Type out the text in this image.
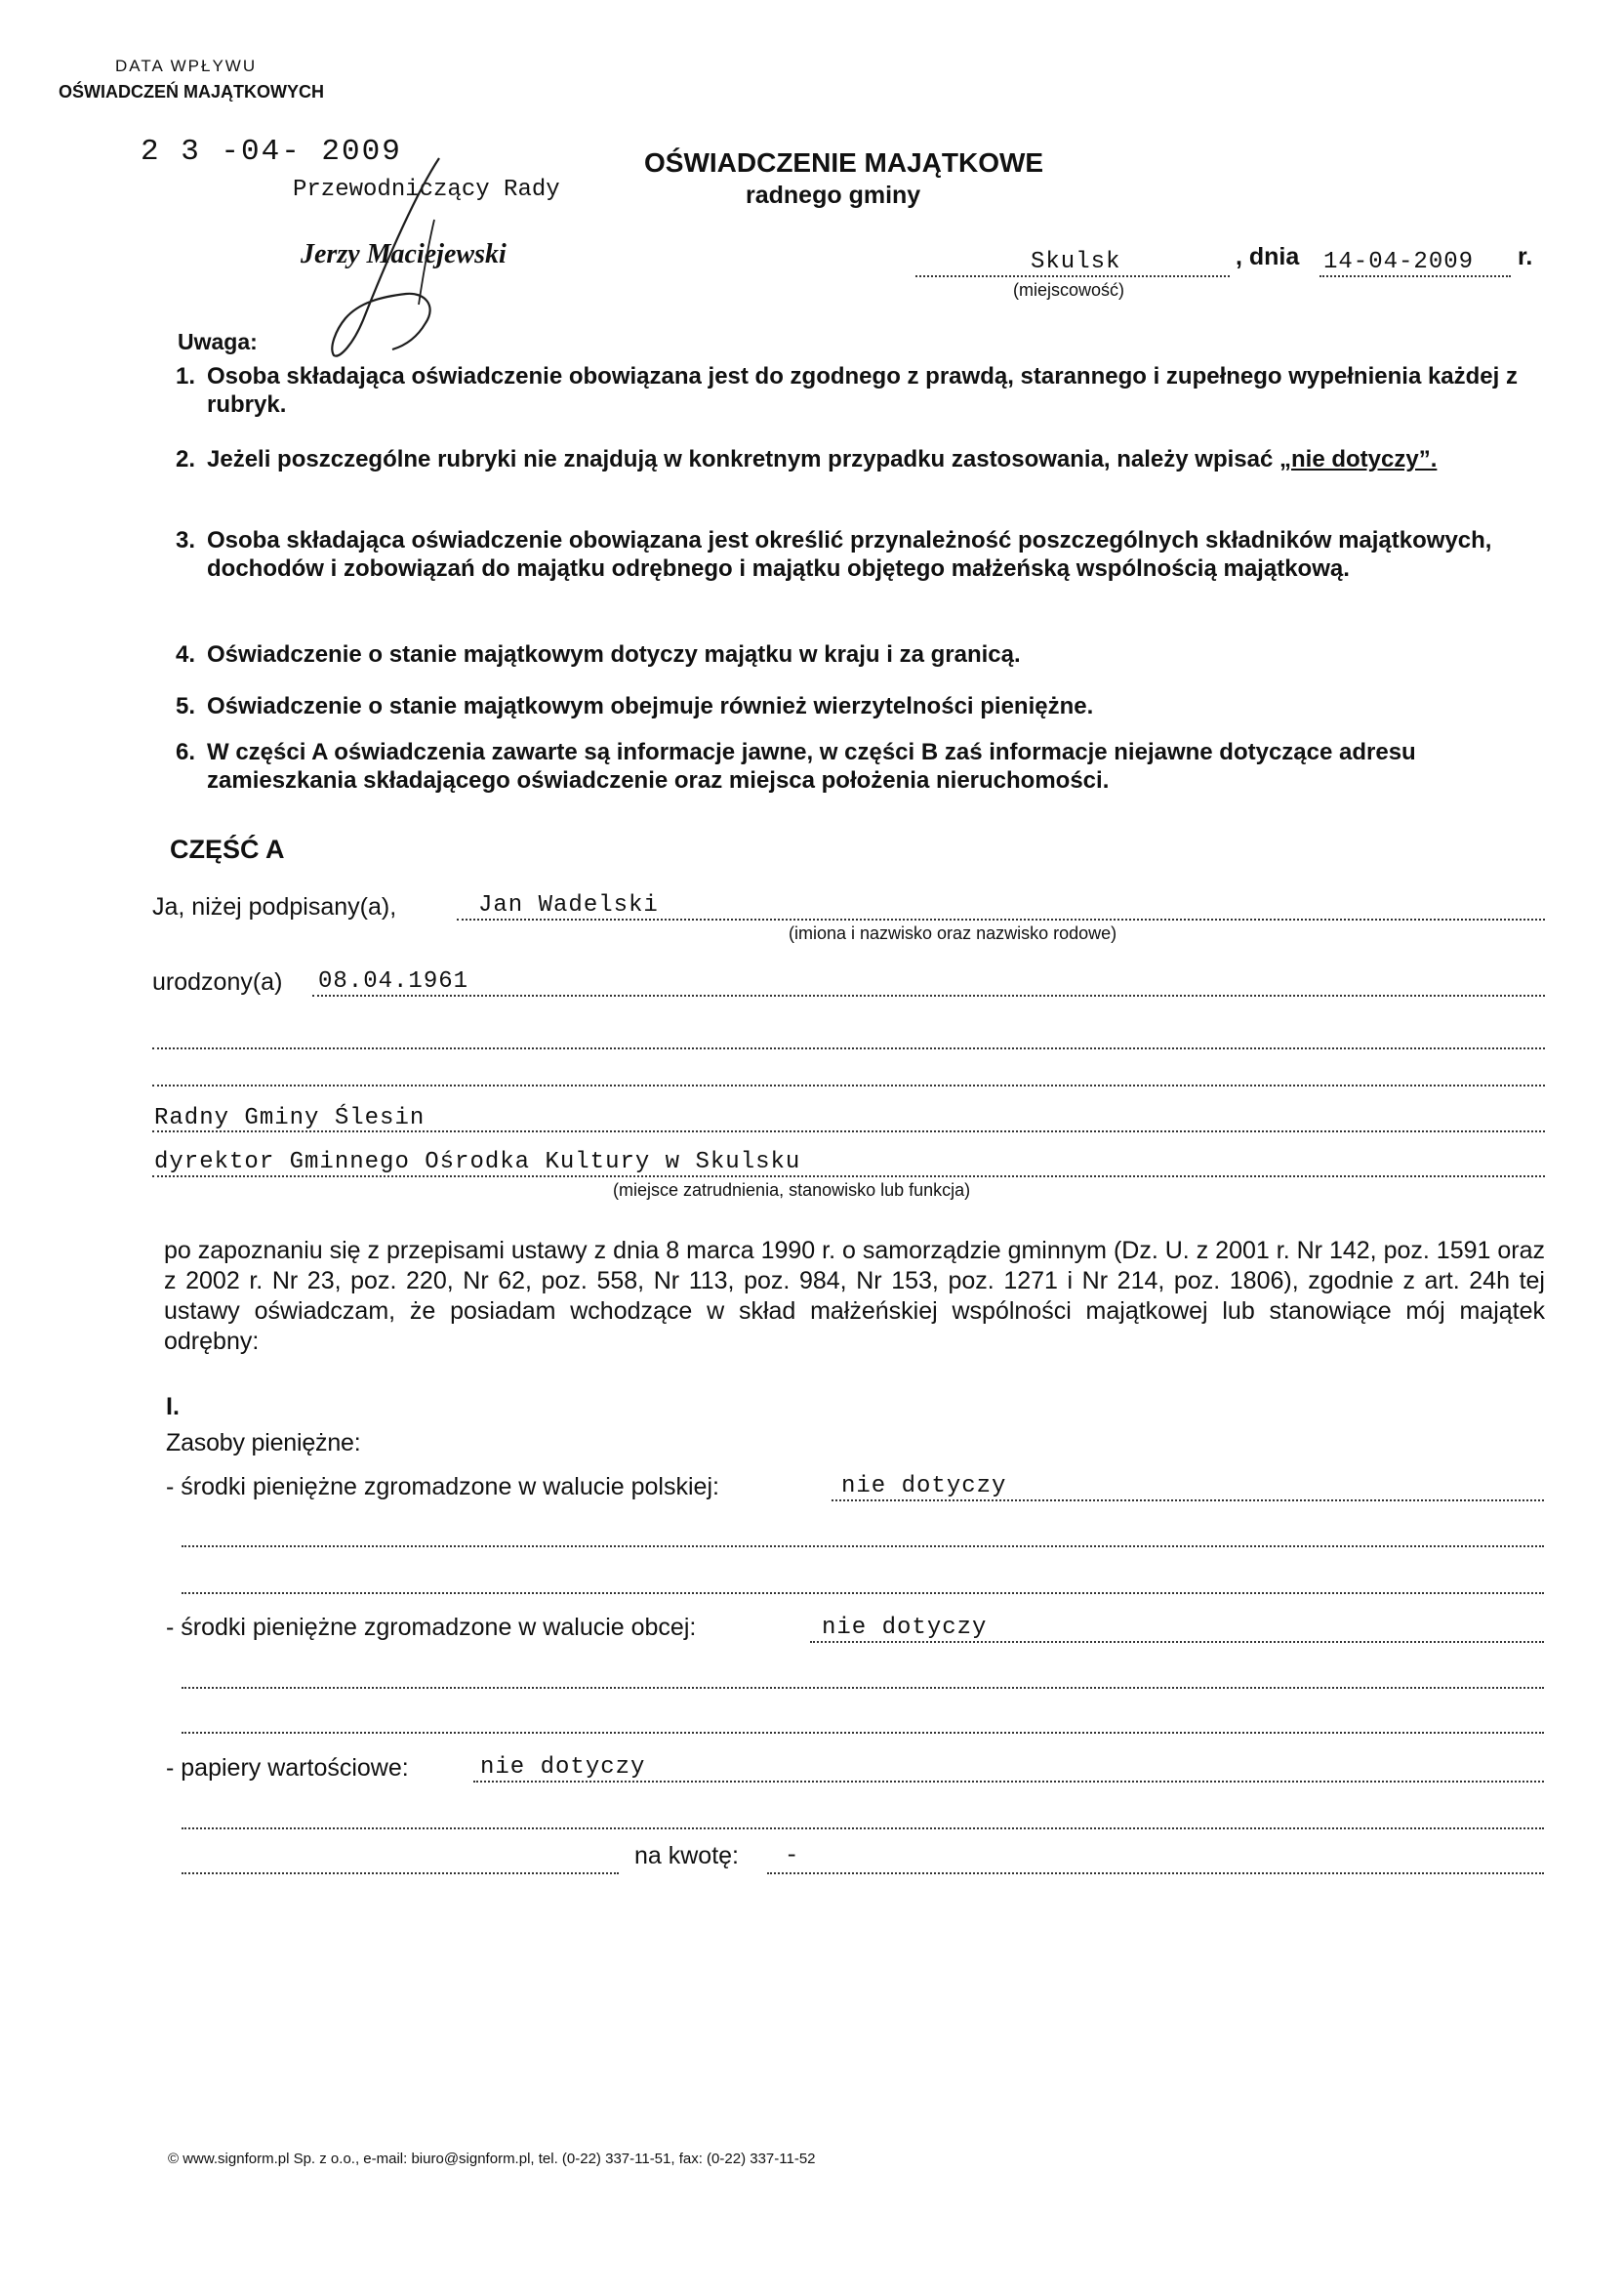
DATA WPŁYWU
OŚWIADCZEŃ MAJĄTKOWYCH
2 3 -04- 2009
Przewodniczący Rady
Jerzy Maciejewski
OŚWIADCZENIE MAJĄTKOWE
radnego gminy
Skulsk	, dnia 14-04-2009 r.
(miejscowość)
Uwaga:
1. Osoba składająca oświadczenie obowiązana jest do zgodnego z prawdą, starannego i zupełnego wypełnienia każdej z rubryk.
2. Jeżeli poszczególne rubryki nie znajdują w konkretnym przypadku zastosowania, należy wpisać „nie dotyczy”.
3. Osoba składająca oświadczenie obowiązana jest określić przynależność poszczególnych składników majątkowych, dochodów i zobowiązań do majątku odrębnego i majątku objętego małżeńską wspólnością majątkową.
4. Oświadczenie o stanie majątkowym dotyczy majątku w kraju i za granicą.
5. Oświadczenie o stanie majątkowym obejmuje również wierzytelności pieniężne.
6. W części A oświadczenia zawarte są informacje jawne, w części B zaś informacje niejawne dotyczące adresu zamieszkania składającego oświadczenie oraz miejsca położenia nieruchomości.
CZĘŚĆ A
Ja, niżej podpisany(a),	Jan Wadelski
(imiona i nazwisko oraz nazwisko rodowe)
urodzony(a) 08.04.1961
Radny Gminy Ślesin
dyrektor Gminnego Ośrodka Kultury w Skulsku
(miejsce zatrudnienia, stanowisko lub funkcja)
po zapoznaniu się z przepisami ustawy z dnia 8 marca 1990 r. o samorządzie gminnym (Dz. U. z 2001 r. Nr 142, poz. 1591 oraz z 2002 r. Nr 23, poz. 220, Nr 62, poz. 558, Nr 113, poz. 984, Nr 153, poz. 1271 i Nr 214, poz. 1806), zgodnie z art. 24h tej ustawy oświadczam, że posiadam wchodzące w skład małżeńskiej wspólności majątkowej lub stanowiące mój majątek odrębny:
I.
Zasoby pieniężne:
- środki pieniężne zgromadzone w walucie polskiej:	nie dotyczy
- środki pieniężne zgromadzone w walucie obcej:	nie dotyczy
- papiery wartościowe:	nie dotyczy
na kwotę: -
© www.signform.pl Sp. z o.o., e-mail: biuro@signform.pl, tel. (0-22) 337-11-51, fax: (0-22) 337-11-52
